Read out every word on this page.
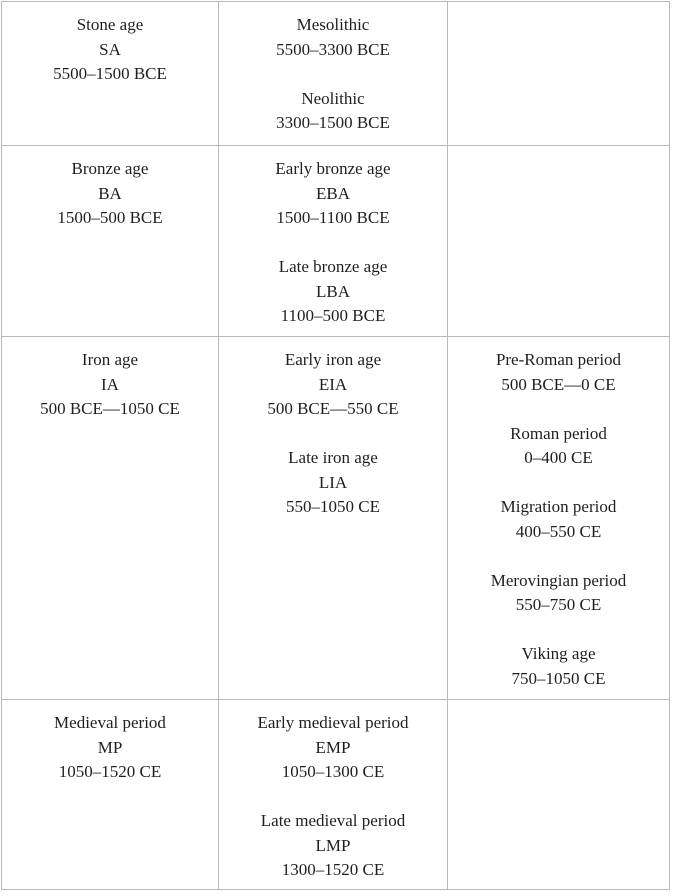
Stone age
SA
5500–1500 BCE
Mesolithic
5500–3300 BCE
Neolithic
3300–1500 BCE
Bronze age
BA
1500–500 BCE
Early bronze age
EBA
1500–1100 BCE
Late bronze age
LBA
1100–500 BCE
Iron age
IA
500 BCE—1050 CE
Early iron age
EIA
500 BCE—550 CE
Late iron age
LIA
550–1050 CE
Pre-Roman period
500 BCE—0 CE
Roman period
0–400 CE
Migration period
400–550 CE
Merovingian period
550–750 CE
Viking age
750–1050 CE
Medieval period
MP
1050–1520 CE
Early medieval period
EMP
1050–1300 CE
Late medieval period
LMP
1300–1520 CE
